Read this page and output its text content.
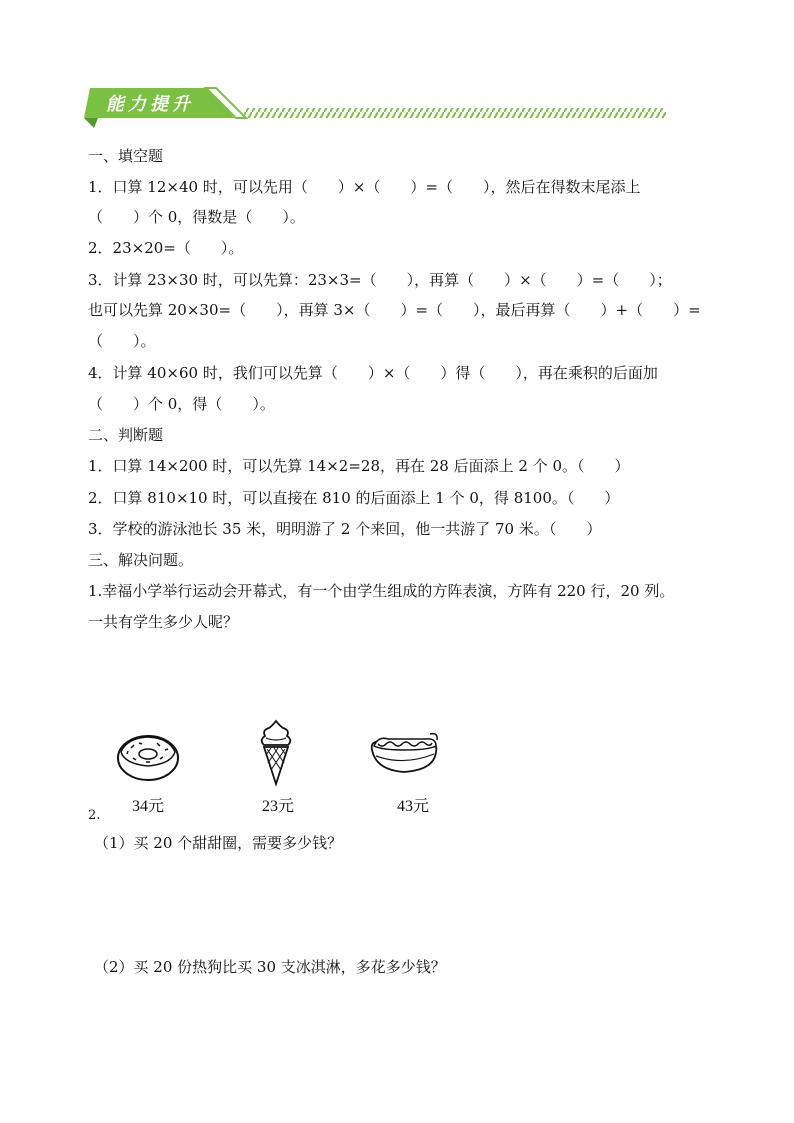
能力提升
一、填空题
1．口算 12×40 时，可以先用（　　）×（　　）=（　　），然后在得数末尾添上
（　　）个 0，得数是（　　）。
2．23×20=（　　）。
3．计算 23×30 时，可以先算：23×3=（　　），再算（　　）×（　　）=（　　）；
也可以先算 20×30=（　　），再算 3×（　　）=（　　），最后再算（　　）+（　　）=
（　　）。
4．计算 40×60 时，我们可以先算（　　）×（　　）得（　　），再在乘积的后面加
（　　）个 0，得（　　）。
二、判断题
1．口算 14×200 时，可以先算 14×2=28，再在 28 后面添上 2 个 0。（　　）
2．口算 810×10 时，可以直接在 810 的后面添上 1 个 0，得 8100。（　　）
3．学校的游泳池长 35 米，明明游了 2 个来回，他一共游了 70 米。（　　）
三、解决问题。
1.幸福小学举行运动会开幕式，有一个由学生组成的方阵表演，方阵有 220 行，20 列。
一共有学生多少人呢？
34元	23元	43元
2.
（1）买 20 个甜甜圈，需要多少钱？
（2）买 20 份热狗比买 30 支冰淇淋，多花多少钱？
